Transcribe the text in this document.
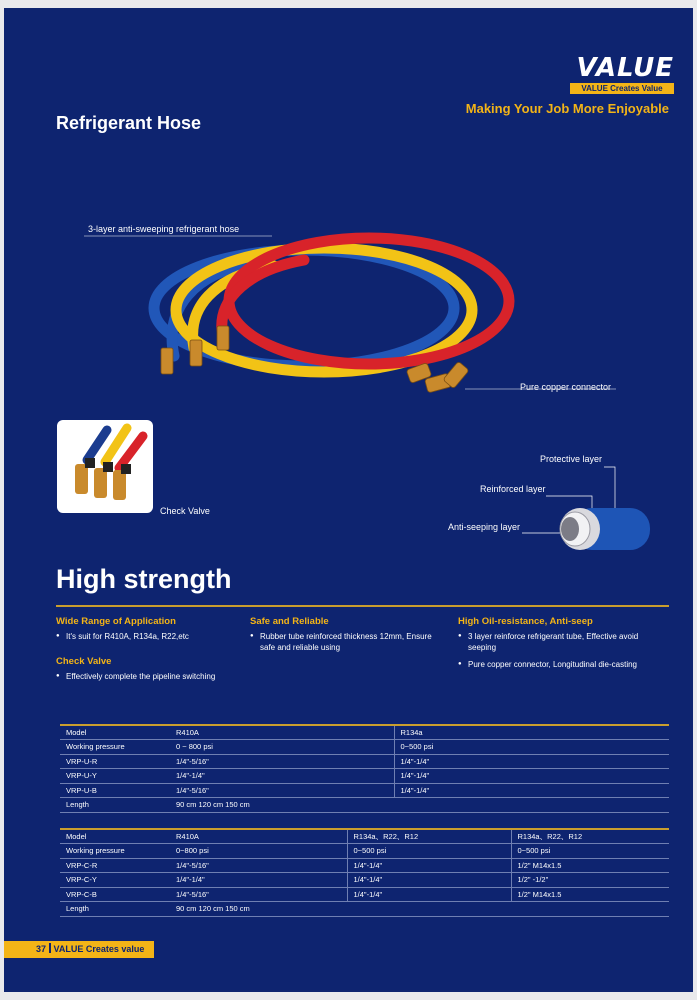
VALUE
VALUE Creates Value
Making Your Job More Enjoyable
Refrigerant Hose
3-layer anti-sweeping refrigerant hose
Pure copper connector
Protective layer
Reinforced layer
Anti-seeping layer
Check Valve
High strength
Wide Range of Application
● It's suit for R410A, R134a, R22,etc
Check Valve
● Effectively complete the pipeline switching
Safe and Reliable
● Rubber tube reinforced thickness 12mm, Ensure safe and reliable using
High Oil-resistance, Anti-seep
● 3 layer reinforce refrigerant tube, Effective avoid seeping
● Pure copper connector, Longitudinal die-casting
Model	R410A	R134a
Working pressure	0 ~ 800 psi	0~500 psi
VRP-U-R	1/4"-5/16"	1/4"-1/4"
VRP-U-Y	1/4"-1/4"	1/4"-1/4"
VRP-U-B	1/4"-5/16"	1/4"-1/4"
Length	90 cm 120 cm 150 cm	
Model	R410A	R134a、R22、R12	R134a、R22、R12
Working pressure	0~800 psi	0~500 psi	0~500 psi
VRP-C-R	1/4"-5/16"	1/4"-1/4"	1/2" M14x1.5
VRP-C-Y	1/4"-1/4"	1/4"-1/4"	1/2" -1/2"
VRP-C-B	1/4"-5/16"	1/4"-1/4"	1/2" M14x1.5
Length	90 cm 120 cm 150 cm		
37 VALUE Creates value
